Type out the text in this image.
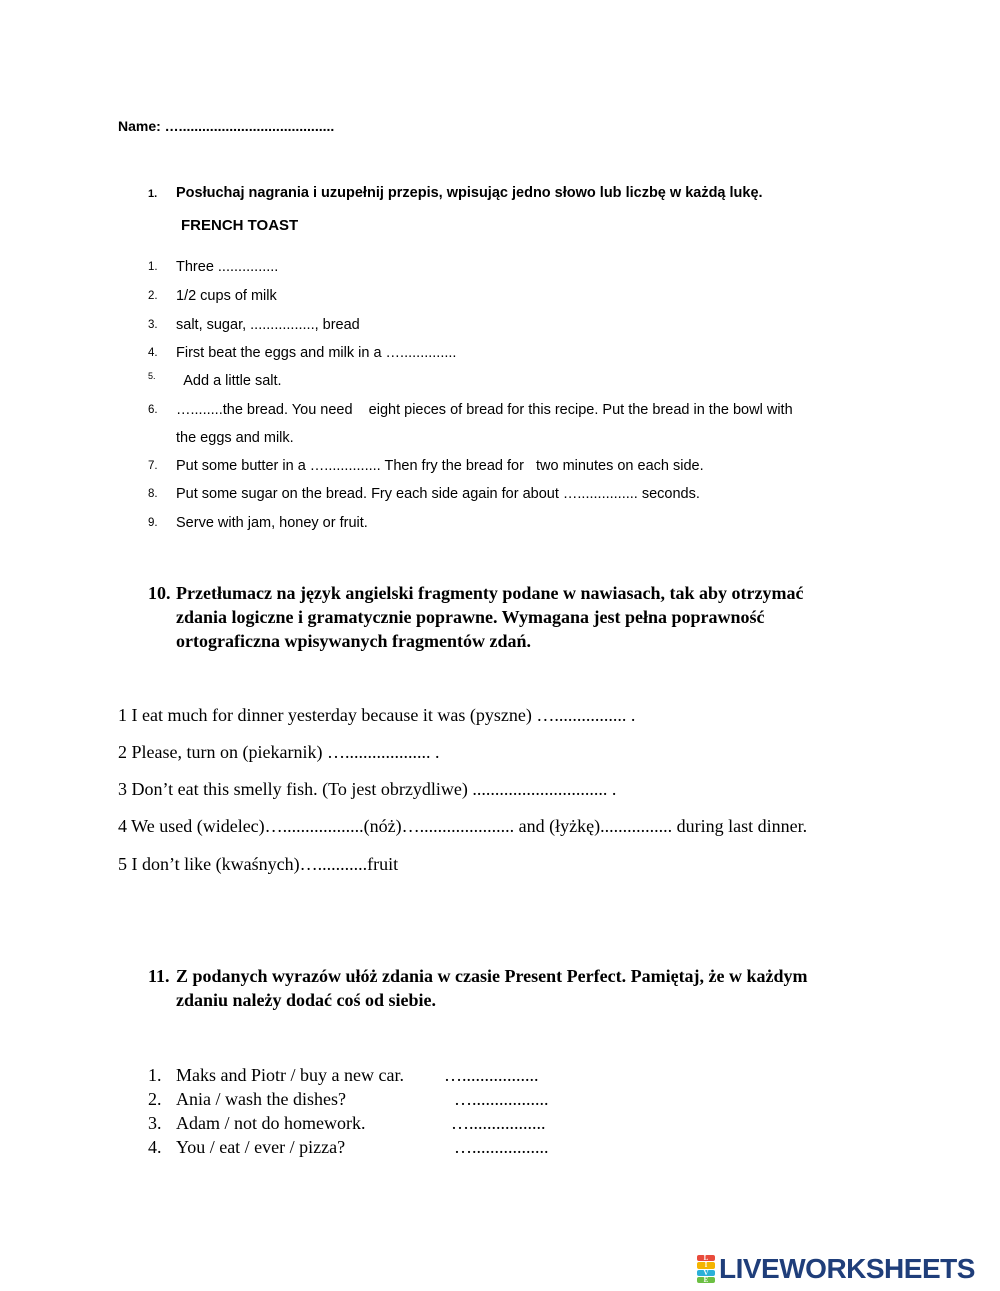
Name: …........................................
1. Posłuchaj nagrania i uzupełnij przepis, wpisując jedno słowo lub liczbę w każdą lukę.
FRENCH TOAST
1. Three ...............
2. 1/2 cups of milk
3. salt, sugar, ................, bread
4. First beat the eggs and milk in a …..............
5. Add a little salt.
6. …........the bread. You need    eight pieces of bread for this recipe. Put the bread in the bowl with
the eggs and milk.
7. Put some butter in a ….............. Then fry the bread for   two minutes on each side.
8. Put some sugar on the bread. Fry each side again for about …............... seconds.
9. Serve with jam, honey or fruit.
10. Przetłumacz na język angielski fragmenty podane w nawiasach, tak aby otrzymać
zdania logiczne i gramatycznie poprawne. Wymagana jest pełna poprawność
ortograficzna wpisywanych fragmentów zdań.
1 I eat much for dinner yesterday because it was (pyszne) …................ .
2 Please, turn on (piekarnik) …................... .
3 Don’t eat this smelly fish. (To jest obrzydliwe) .............................. .
4 We used (widelec)…..................(nóż)…..................... and (łyżkę)................ during last dinner.
5 I don’t like (kwaśnych)…...........fruit
11. Z podanych wyrazów ułóż zdania w czasie Present Perfect. Pamiętaj, że w każdym
zdaniu należy dodać coś od siebie.
1. Maks and Piotr / buy a new car. ….................
2. Ania / wash the dishes?	….................
3. Adam / not do homework.	….................
4. You / eat / ever / pizza?	….................
L
I
V
E LIVEWORKSHEETS
